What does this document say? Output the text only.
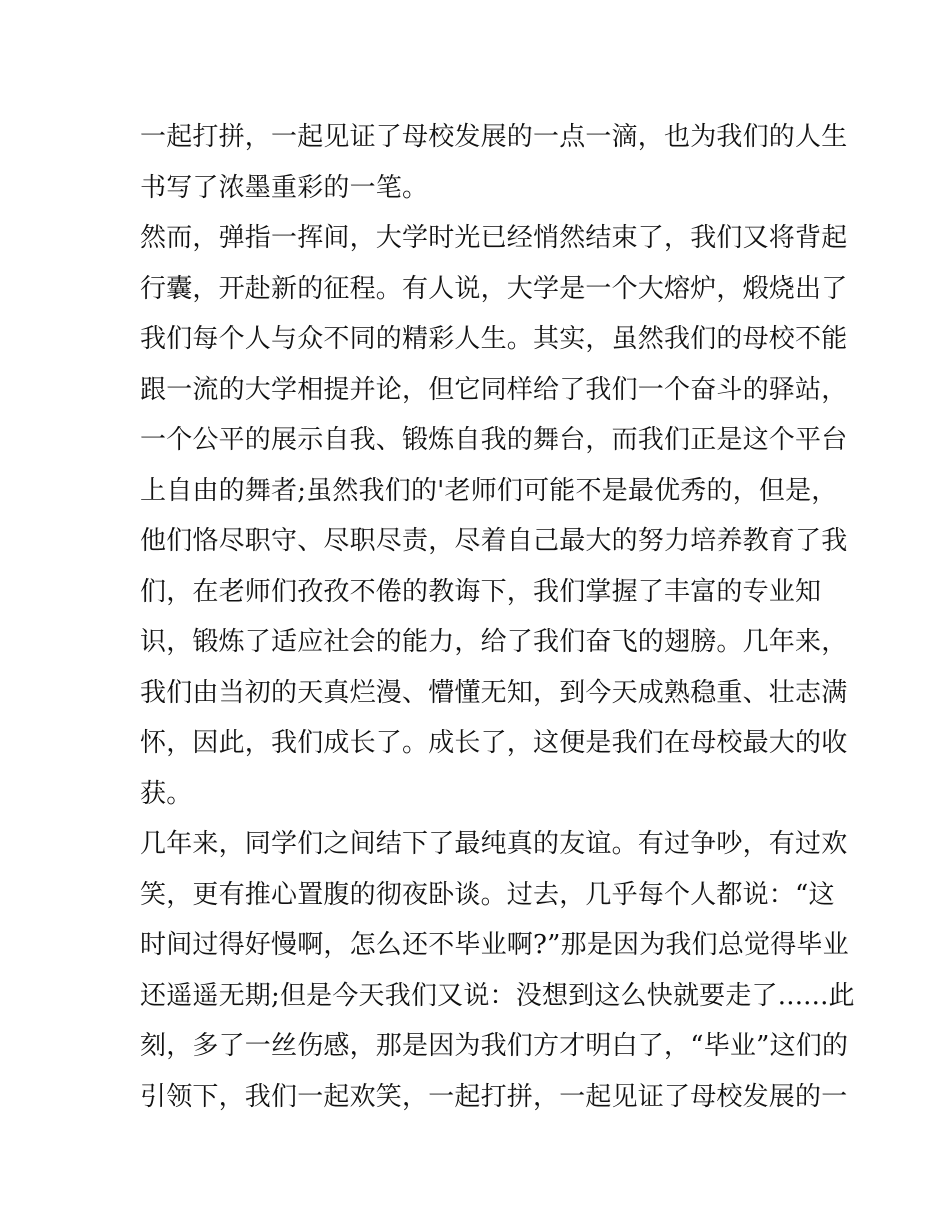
一起打拼，一起见证了母校发展的一点一滴，也为我们的人生
书写了浓墨重彩的一笔。
然而，弹指一挥间，大学时光已经悄然结束了，我们又将背起
行囊，开赴新的征程。有人说，大学是一个大熔炉，煅烧出了
我们每个人与众不同的精彩人生。其实，虽然我们的母校不能
跟一流的大学相提并论，但它同样给了我们一个奋斗的驿站，
一个公平的展示自我、锻炼自我的舞台，而我们正是这个平台
上自由的舞者;虽然我们的'老师们可能不是最优秀的，但是，
他们恪尽职守、尽职尽责，尽着自己最大的努力培养教育了我
们，在老师们孜孜不倦的教诲下，我们掌握了丰富的专业知
识，锻炼了适应社会的能力，给了我们奋飞的翅膀。几年来，
我们由当初的天真烂漫、懵懂无知，到今天成熟稳重、壮志满
怀，因此，我们成长了。成长了，这便是我们在母校最大的收
获。
几年来，同学们之间结下了最纯真的友谊。有过争吵，有过欢
笑，更有推心置腹的彻夜卧谈。过去，几乎每个人都说：“这
时间过得好慢啊，怎么还不毕业啊?”那是因为我们总觉得毕业
还遥遥无期;但是今天我们又说：没想到这么快就要走了......此
刻，多了一丝伤感，那是因为我们方才明白了，“毕业”这们的
引领下，我们一起欢笑，一起打拼，一起见证了母校发展的一
